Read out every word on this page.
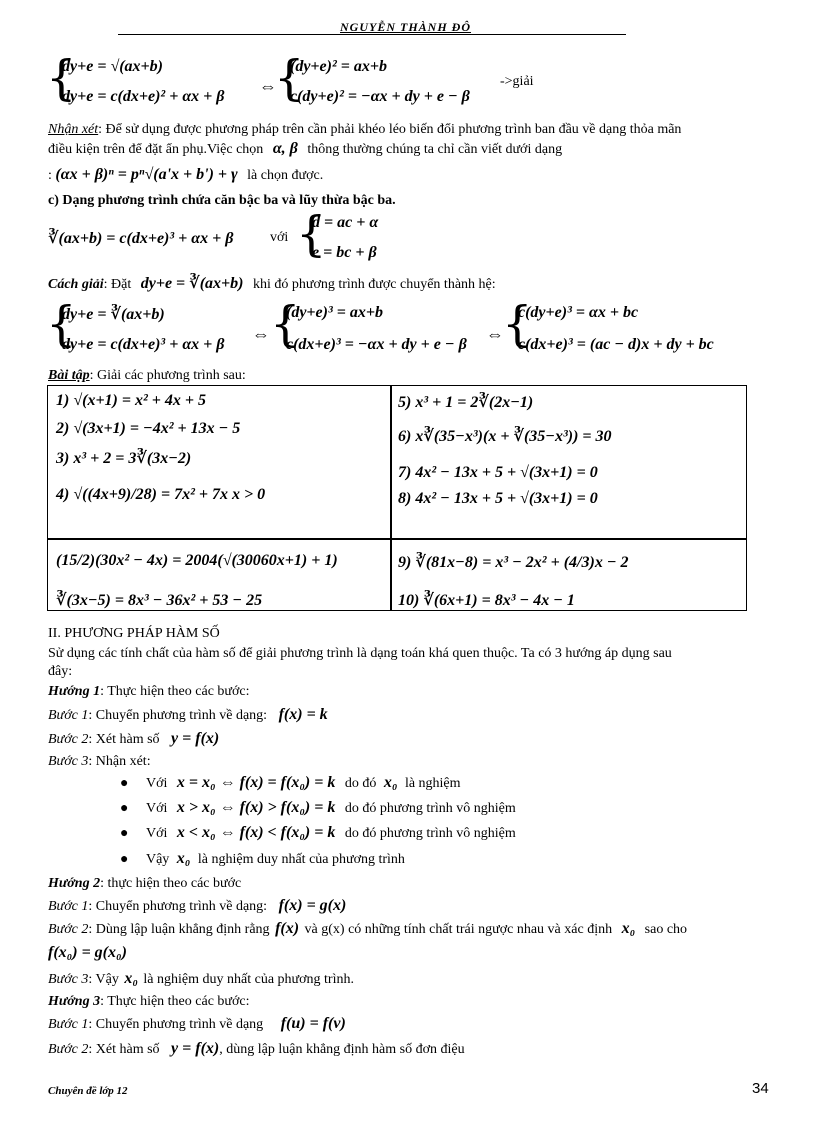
NGUYỄN THÀNH ĐÔ
{
dy+e = √(ax+b)
dy+e = c(dx+e)² + αx + β
⇔
{
(dy+e)² = ax+b
c(dy+e)² = −αx + dy + e − β
->giải
Nhận xét: Để sử dụng được phương pháp trên cần phải khéo léo biến đổi phương trình ban đầu về dạng thỏa mãn
điều kiện trên để đặt ẩn phụ.Việc chọn α, β thông thường chúng ta chỉ cần viết dưới dạng
: (αx + β)ⁿ = pⁿ√(a'x + b') + γ là chọn được.
c) Dạng phương trình chứa căn bậc ba và lũy thừa bậc ba.
∛(ax+b) = c(dx+e)³ + αx + β	với {
d = ac + α
e = bc + β
Cách giải: Đặt dy+e = ∛(ax+b) khi đó phương trình được chuyển thành hệ:
{
dy+e = ∛(ax+b)
dy+e = c(dx+e)³ + αx + β
⇔ {
(dy+e)³ = ax+b
c(dx+e)³ = −αx + dy + e − β
⇔
{
c(dy+e)³ = αx + bc
c(dx+e)³ = (ac − d)x + dy + bc
Bài tập: Giải các phương trình sau:
1) √(x+1) = x² + 4x + 5
2) √(3x+1) = −4x² + 13x − 5
3) x³ + 2 = 3∛(3x−2)
4) √((4x+9)/28) = 7x² + 7x x > 0
5) x³ + 1 = 2∛(2x−1)
6) x∛(35−x³)(x + ∛(35−x³)) = 30
7) 4x² − 13x + 5 + √(3x+1) = 0
8) 4x² − 13x + 5 + √(3x+1) = 0
(15/2)(30x² − 4x) = 2004(√(30060x+1) + 1)
∛(3x−5) = 8x³ − 36x² + 53 − 25
9) ∛(81x−8) = x³ − 2x² + (4/3)x − 2
10) ∛(6x+1) = 8x³ − 4x − 1
II. PHƯƠNG PHÁP HÀM SỐ
Sử dụng các tính chất của hàm số để giải phương trình là dạng toán khá quen thuộc. Ta có 3 hướng áp dụng sau
đây:
Hướng 1: Thực hiện theo các bước:
Bước 1: Chuyển phương trình về dạng: f(x) = k
Bước 2: Xét hàm số y = f(x)
Bước 3: Nhận xét:
● Với x = x₀ ⇔ f(x) = f(x₀) = k do đó x₀ là nghiệm
● Với x > x₀ ⇔ f(x) > f(x₀) = k do đó phương trình vô nghiệm
● Với x < x₀ ⇔ f(x) < f(x₀) = k do đó phương trình vô nghiệm
● Vậy x₀ là nghiệm duy nhất của phương trình
Hướng 2: thực hiện theo các bước
Bước 1: Chuyển phương trình về dạng: f(x) = g(x)
Bước 2: Dùng lập luận khẳng định rằng f(x) và g(x) có những tính chất trái ngược nhau và xác định x₀ sao cho
f(x₀) = g(x₀)
Bước 3: Vậy x₀ là nghiệm duy nhất của phương trình.
Hướng 3: Thực hiện theo các bước:
Bước 1: Chuyển phương trình về dạng f(u) = f(v)
Bước 2: Xét hàm số y = f(x), dùng lập luận khẳng định hàm số đơn điệu
Chuyên đề lớp 12	34
